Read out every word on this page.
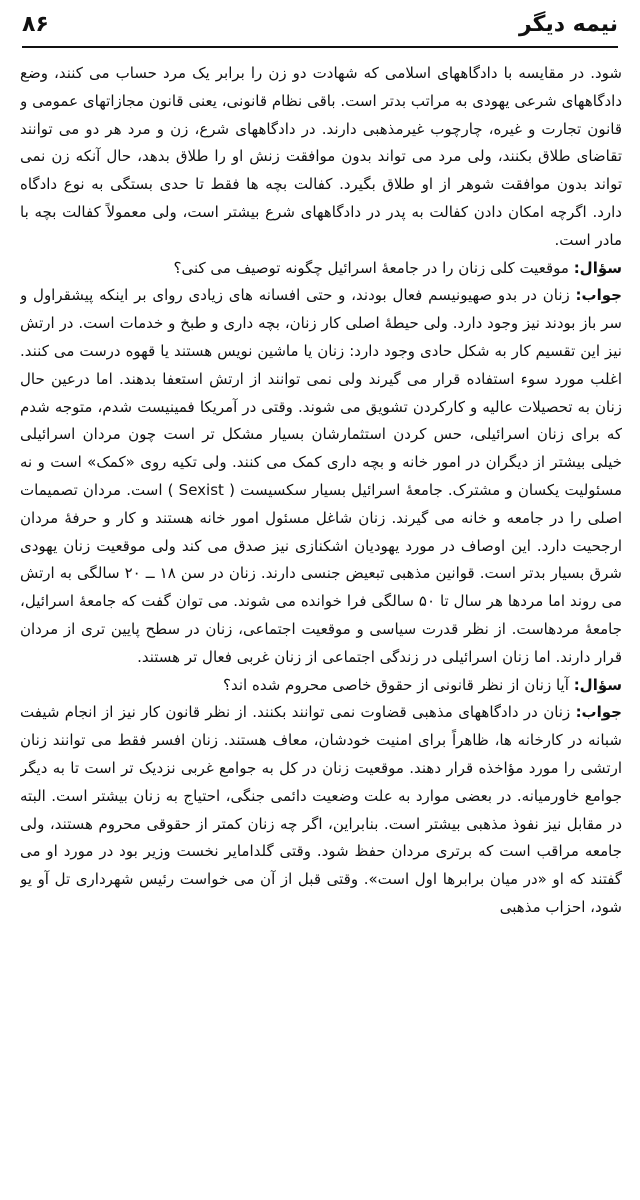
نیمه دیگر
۸۶

شود. در مقایسه با دادگاههای اسلامی که شهادت دو زن را برابر یک مرد حساب می کنند، وضع دادگاههای شرعی یهودی به مراتب بدتر است. باقی نظام قانونی، یعنی قانون مجازاتهای عمومی و قانون تجارت و غیره، چارچوب غیرمذهبی دارند. در دادگاههای شرع، زن و مرد هر دو می توانند تقاضای طلاق بکنند، ولی مرد می تواند بدون موافقت زنش او را طلاق بدهد، حال آنکه زن نمی تواند بدون موافقت شوهر از او طلاق بگیرد. کفالت بچه ها فقط تا حدی بستگی به نوع دادگاه دارد. اگرچه امکان دادن کفالت به پدر در دادگاههای شرع بیشتر است، ولی معمولاً کفالت بچه با مادر است.

سؤال: موقعیت کلی زنان را در جامعهٔ اسرائیل چگونه توصیف می کنی؟

جواب: زنان در بدو صهیونیسم فعال بودند، و حتی افسانه های زیادی روای بر اینکه پیشقراول و سر باز بودند نیز وجود دارد. ولی حیطهٔ اصلی کار زنان، بچه داری و طبخ و خدمات است. در ارتش نیز این تقسیم کار به شکل حادی وجود دارد: زنان یا ماشین نویس هستند یا قهوه درست می کنند. اغلب مورد سوء استفاده قرار می گیرند ولی نمی توانند از ارتش استعفا بدهند. اما درعین حال زنان به تحصیلات عالیه و کارکردن تشویق می شوند. وقتی در آمریکا فمینیست شدم، متوجه شدم که برای زنان اسرائیلی، حس کردن استثمارشان بسیار مشکل تر است چون مردان اسرائیلی خیلی بیشتر از دیگران در امور خانه و بچه داری کمک می کنند. ولی تکیه روی «کمک» است و نه مسئولیت یکسان و مشترک. جامعهٔ اسرائیل بسیار سکسیست ( Sexist ) است. مردان تصمیمات اصلی را در جامعه و خانه می گیرند. زنان شاغل مسئول امور خانه هستند و کار و حرفهٔ مردان ارجحیت دارد. این اوصاف در مورد یهودیان اشکنازی نیز صدق می کند ولی موقعیت زنان یهودی شرق بسیار بدتر است. قوانین مذهبی تبعیض جنسی دارند. زنان در سن ۱۸ ــ ۲۰ سالگی به ارتش می روند اما مردها هر سال تا ۵۰ سالگی فرا خوانده می شوند. می توان گفت که جامعهٔ اسرائیل، جامعهٔ مردهاست. از نظر قدرت سیاسی و موقعیت اجتماعی، زنان در سطح پایین تری از مردان قرار دارند. اما زنان اسرائیلی در زندگی اجتماعی از زنان غربی فعال تر هستند.

سؤال: آیا زنان از نظر قانونی از حقوق خاصی محروم شده اند؟

جواب: زنان در دادگاههای مذهبی قضاوت نمی توانند بکنند. از نظر قانون کار نیز از انجام شیفت شبانه در کارخانه ها، ظاهراً برای امنیت خودشان، معاف هستند. زنان افسر فقط می توانند زنان ارتشی را مورد مؤاخذه قرار دهند. موقعیت زنان در کل به جوامع غربی نزدیک تر است تا به دیگر جوامع خاورمیانه. در بعضی موارد به علت وضعیت دائمی جنگی، احتیاج به زنان بیشتر است. البته در مقابل نیز نفوذ مذهبی بیشتر است. بنابراین، اگر چه زنان کمتر از حقوقی محروم هستند، ولی جامعه مراقب است که برتری مردان حفظ شود. وقتی گلدامایر نخست وزیر بود در مورد او می گفتند که او «در میان برابرها اول است». وقتی قبل از آن می خواست رئیس شهرداری تل آو یو شود، احزاب مذهبی
